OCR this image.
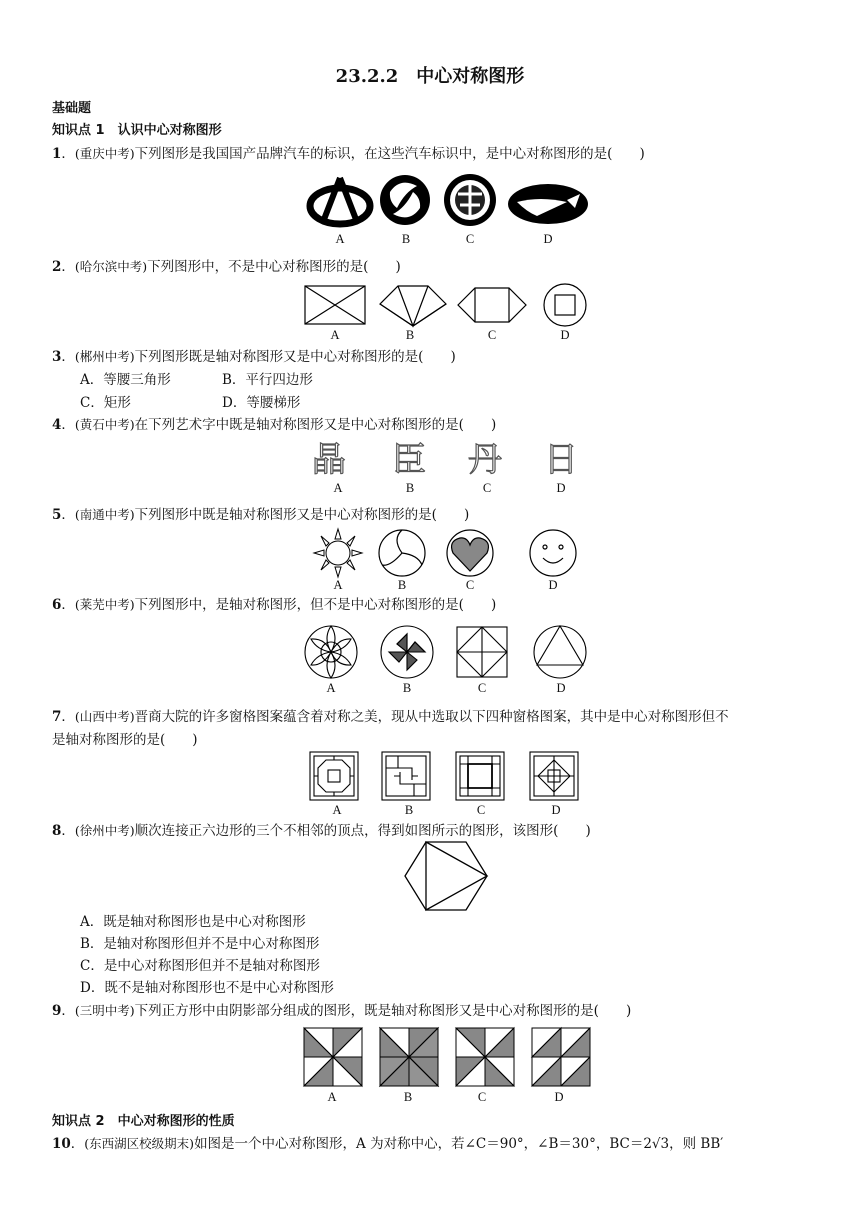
23.2.2　中心对称图形
基础题
知识点 1　认识中心对称图形
1．(重庆中考)下列图形是我国国产品牌汽车的标识，在这些汽车标识中，是中心对称图形的是(　　)
A	B	C	D
2．(哈尔滨中考)下列图形中，不是中心对称图形的是(　　)
A	B	C	D
3．(郴州中考)下列图形既是轴对称图形又是中心对称图形的是(　　)
A．等腰三角形	B．平行四边形
C．矩形	D．等腰梯形
4．(黄石中考)在下列艺术字中既是轴对称图形又是中心对称图形的是(　　)
晶 臣 丹 日
A	B	C	D
5．(南通中考)下列图形中既是轴对称图形又是中心对称图形的是(　　)
A	B	C	D
6．(莱芜中考)下列图形中，是轴对称图形，但不是中心对称图形的是(　　)
A	B	C	D
7．(山西中考)晋商大院的许多窗格图案蕴含着对称之美，现从中选取以下四种窗格图案，其中是中心对称图形但不
是轴对称图形的是(　　)
A	B	C	D
8．(徐州中考)顺次连接正六边形的三个不相邻的顶点，得到如图所示的图形，该图形(　　)
A．既是轴对称图形也是中心对称图形
B．是轴对称图形但并不是中心对称图形
C．是中心对称图形但并不是轴对称图形
D．既不是轴对称图形也不是中心对称图形
9．(三明中考)下列正方形中由阴影部分组成的图形，既是轴对称图形又是中心对称图形的是(　　)
A	B	C	D
知识点 2　中心对称图形的性质
10．(东西湖区校级期末)如图是一个中心对称图形，A 为对称中心，若∠C＝90°，∠B＝30°，BC＝2√3，则 BB′
